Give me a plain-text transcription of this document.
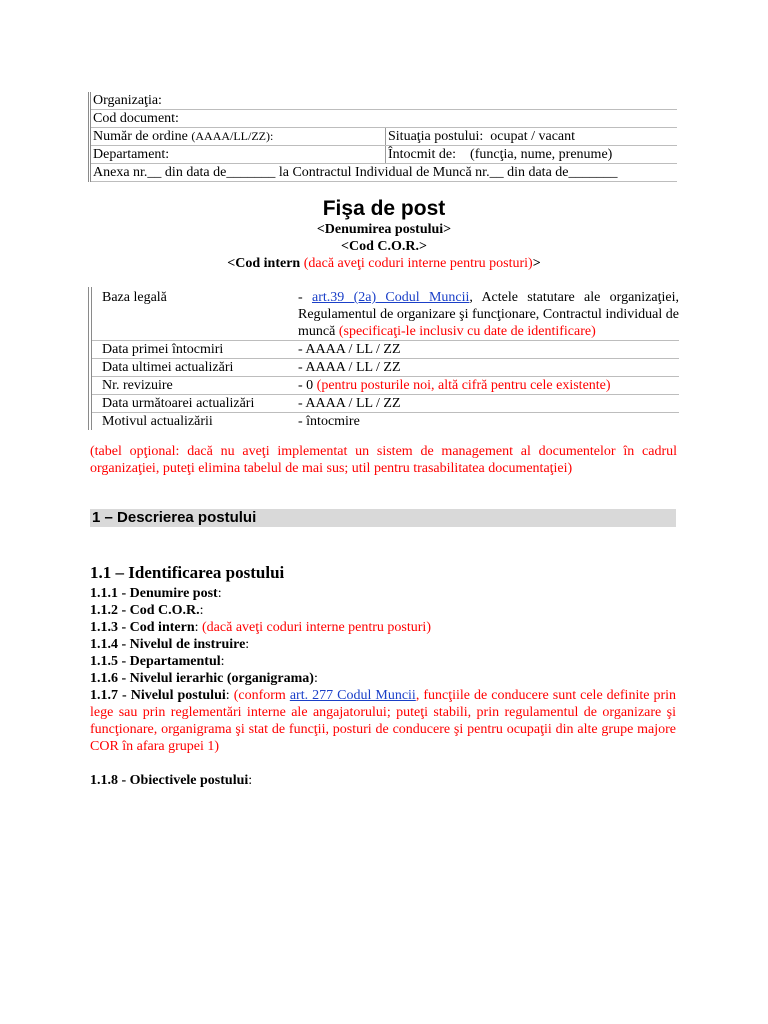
Organizaţia:	
Cod document:	
Număr de ordine (AAAA/LL/ZZ):	Situaţia postului: ocupat / vacant
Departament:	Întocmit de: (funcţia, nume, prenume)
Anexa nr.__ din data de_______ la Contractul Individual de Muncă nr.__ din data de_______	
Fişa de post
<Denumirea postului>
<Cod C.O.R.>
<Cod intern (dacă aveţi coduri interne pentru posturi)>
Baza legală	- art.39 (2a) Codul Muncii, Actele statutare ale organizaţiei, Regulamentul de organizare şi funcţionare, Contractul individual de muncă (specificaţi-le inclusiv cu date de identificare)
Data primei întocmiri	- AAAA / LL / ZZ
Data ultimei actualizări	- AAAA / LL / ZZ
Nr. revizuire	- 0 (pentru posturile noi, altă cifră pentru cele existente)
Data următoarei actualizări	- AAAA / LL / ZZ
Motivul actualizării	- întocmire
(tabel opţional: dacă nu aveţi implementat un sistem de management al documentelor în cadrul organizaţiei, puteţi elimina tabelul de mai sus; util pentru trasabilitatea documentaţiei)
1 – Descrierea postului
1.1 – Identificarea postului

1.1.1 - Denumire post:

1.1.2 - Cod C.O.R.:

1.1.3 - Cod intern: (dacă aveţi coduri interne pentru posturi)

1.1.4 - Nivelul de instruire:

1.1.5 - Departamentul:

1.1.6 - Nivelul ierarhic (organigrama):

1.1.7 - Nivelul postului: (conform art. 277 Codul Muncii, funcţiile de conducere sunt cele definite prin lege sau prin reglementări interne ale angajatorului; puteţi stabili, prin regulamentul de organizare şi funcţionare, organigrama şi stat de funcţii, posturi de conducere şi pentru ocupaţii din alte grupe majore COR în afara grupei 1)

1.1.8 - Obiectivele postului:
